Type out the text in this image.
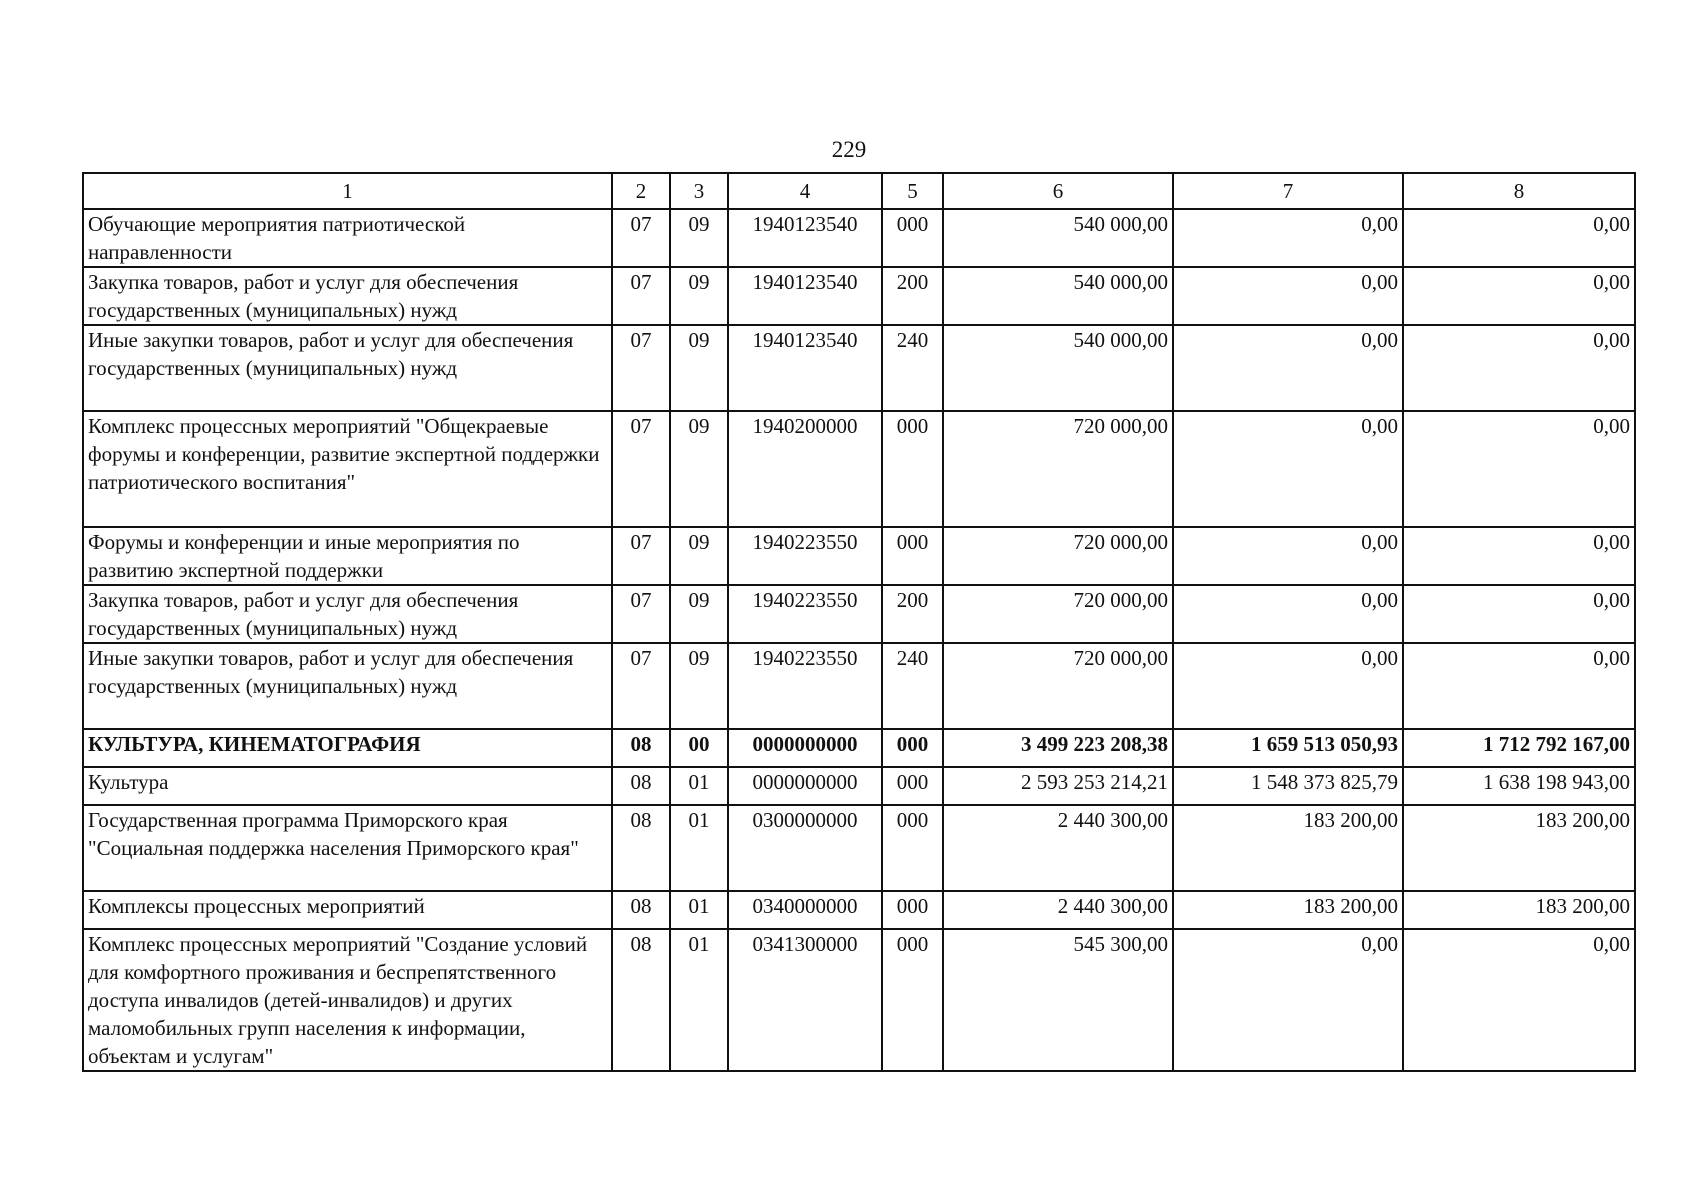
229
1	2	3	4	5	6	7	8
Обучающие мероприятия патриотической направленности	07	09	1940123540	000	540 000,00	0,00	0,00
Закупка товаров, работ и услуг для обеспечения государственных (муниципальных) нужд	07	09	1940123540	200	540 000,00	0,00	0,00
Иные закупки товаров, работ и услуг для обеспечения государственных (муниципальных) нужд	07	09	1940123540	240	540 000,00	0,00	0,00
Комплекс процессных мероприятий "Общекраевые форумы и конференции, развитие экспертной поддержки патриотического воспитания"	07	09	1940200000	000	720 000,00	0,00	0,00
Форумы и конференции и иные мероприятия по развитию экспертной поддержки	07	09	1940223550	000	720 000,00	0,00	0,00
Закупка товаров, работ и услуг для обеспечения государственных (муниципальных) нужд	07	09	1940223550	200	720 000,00	0,00	0,00
Иные закупки товаров, работ и услуг для обеспечения государственных (муниципальных) нужд	07	09	1940223550	240	720 000,00	0,00	0,00
КУЛЬТУРА, КИНЕМАТОГРАФИЯ	08	00	0000000000	000	3 499 223 208,38	1 659 513 050,93	1 712 792 167,00
Культура	08	01	0000000000	000	2 593 253 214,21	1 548 373 825,79	1 638 198 943,00
Государственная программа Приморского края "Социальная поддержка населения Приморского края"	08	01	0300000000	000	2 440 300,00	183 200,00	183 200,00
Комплексы процессных мероприятий	08	01	0340000000	000	2 440 300,00	183 200,00	183 200,00
Комплекс процессных мероприятий "Создание условий для комфортного проживания и беспрепятственного доступа инвалидов (детей-инвалидов) и других маломобильных групп населения к информации, объектам и услугам"	08	01	0341300000	000	545 300,00	0,00	0,00
